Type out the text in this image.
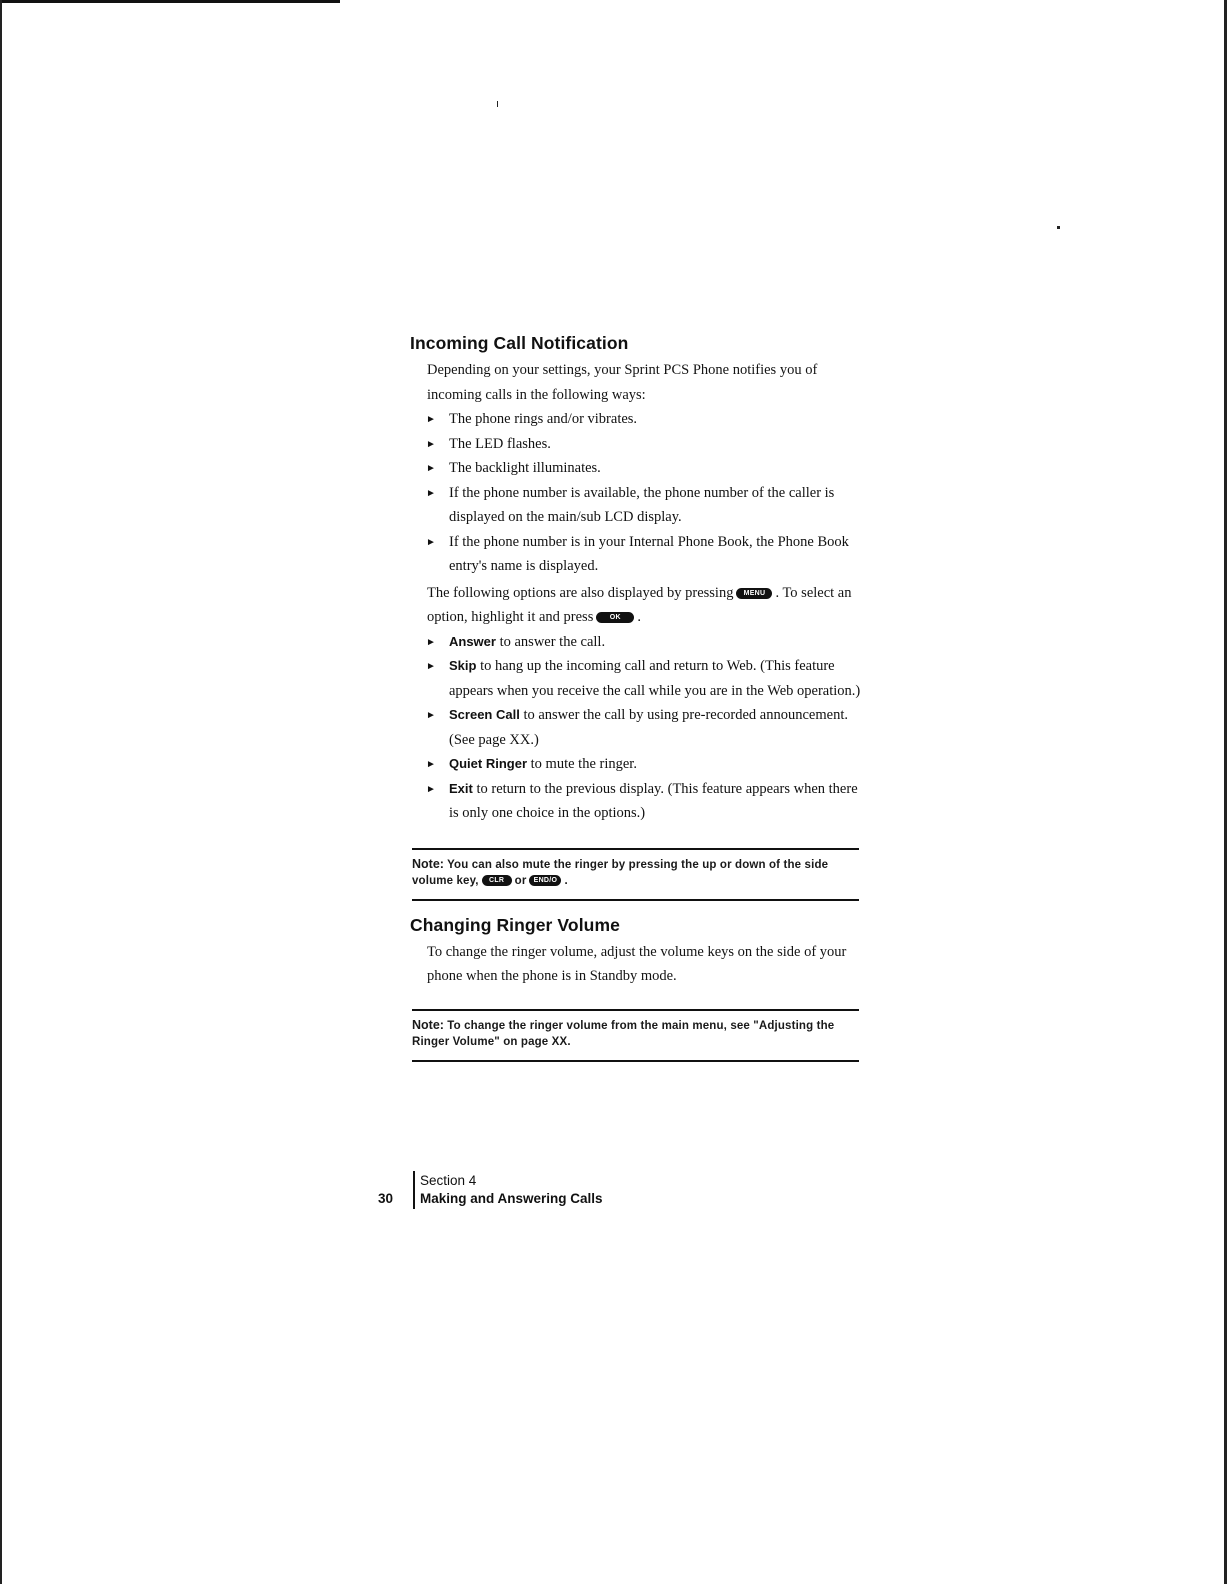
Incoming Call Notification

Depending on your settings, your Sprint PCS Phone notifies you of incoming calls in the following ways:

► The phone rings and/or vibrates.
► The LED flashes.
► The backlight illuminates.
► If the phone number is available, the phone number of the caller is displayed on the main/sub LCD display.
► If the phone number is in your Internal Phone Book, the Phone Book entry's name is displayed.

The following options are also displayed by pressing MENU . To select an option, highlight it and press OK .

► Answer to answer the call.
► Skip to hang up the incoming call and return to Web. (This feature appears when you receive the call while you are in the Web operation.)
► Screen Call to answer the call by using pre-recorded announcement. (See page XX.)
► Quiet Ringer to mute the ringer.
► Exit to return to the previous display. (This feature appears when there is only one choice in the options.)
Note: You can also mute the ringer by pressing the up or down of the side volume key, CLR or END/O .
Changing Ringer Volume

To change the ringer volume, adjust the volume keys on the side of your phone when the phone is in Standby mode.

Note: To change the ringer volume from the main menu, see "Adjusting the Ringer Volume" on page XX.
30
Section 4
Making and Answering Calls
